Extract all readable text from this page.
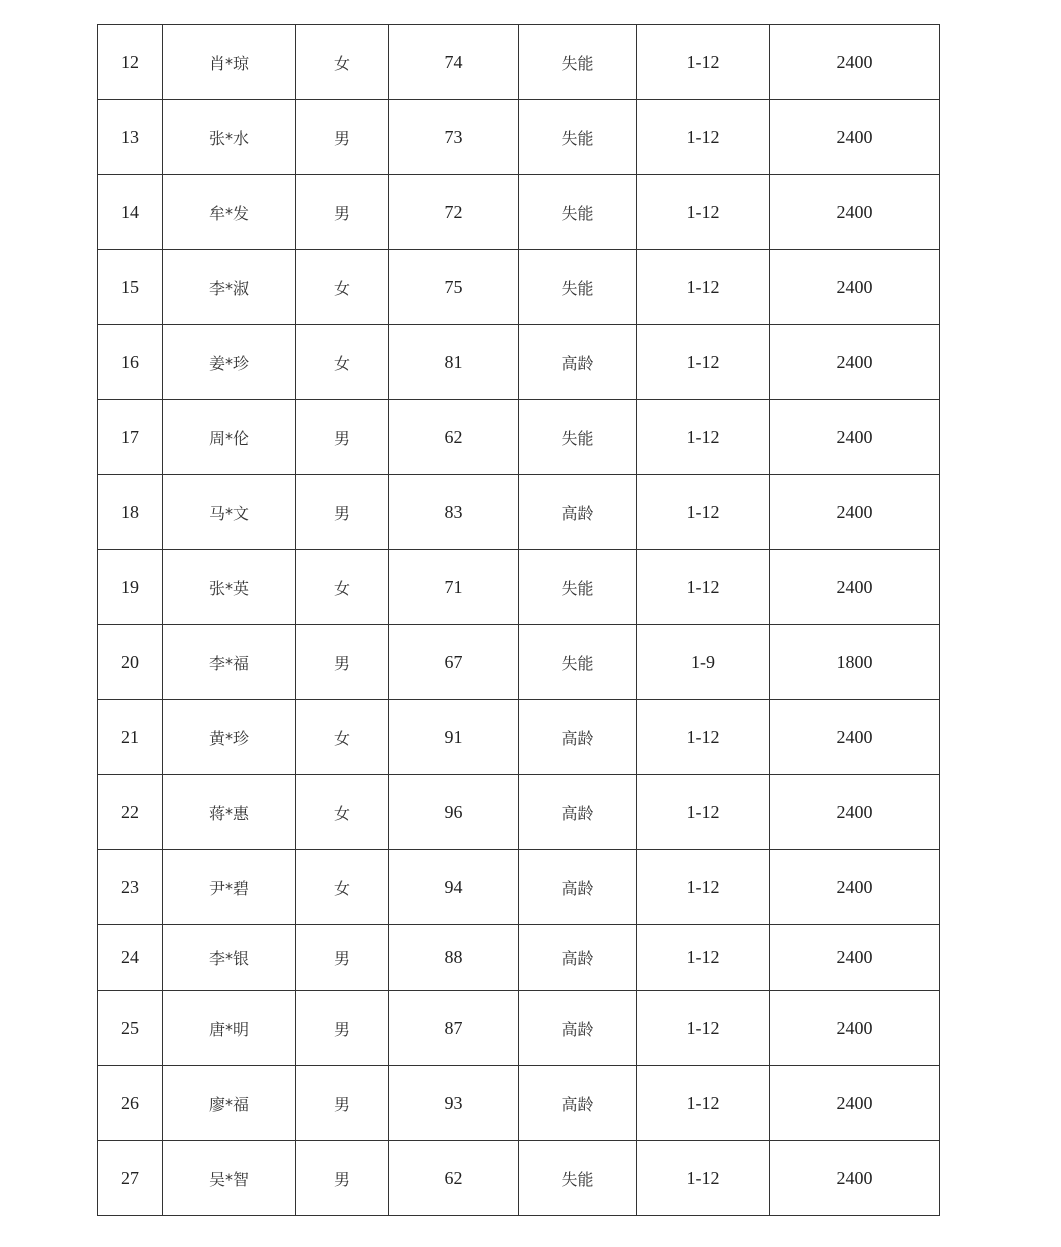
12	肖*琼	女	74	失能	1-12	2400
13	张*水	男	73	失能	1-12	2400
14	牟*发	男	72	失能	1-12	2400
15	李*淑	女	75	失能	1-12	2400
16	姜*珍	女	81	高龄	1-12	2400
17	周*伦	男	62	失能	1-12	2400
18	马*文	男	83	高龄	1-12	2400
19	张*英	女	71	失能	1-12	2400
20	李*福	男	67	失能	1-9	1800
21	黄*珍	女	91	高龄	1-12	2400
22	蒋*惠	女	96	高龄	1-12	2400
23	尹*碧	女	94	高龄	1-12	2400
24	李*银	男	88	高龄	1-12	2400
25	唐*明	男	87	高龄	1-12	2400
26	廖*福	男	93	高龄	1-12	2400
27	吴*智	男	62	失能	1-12	2400
